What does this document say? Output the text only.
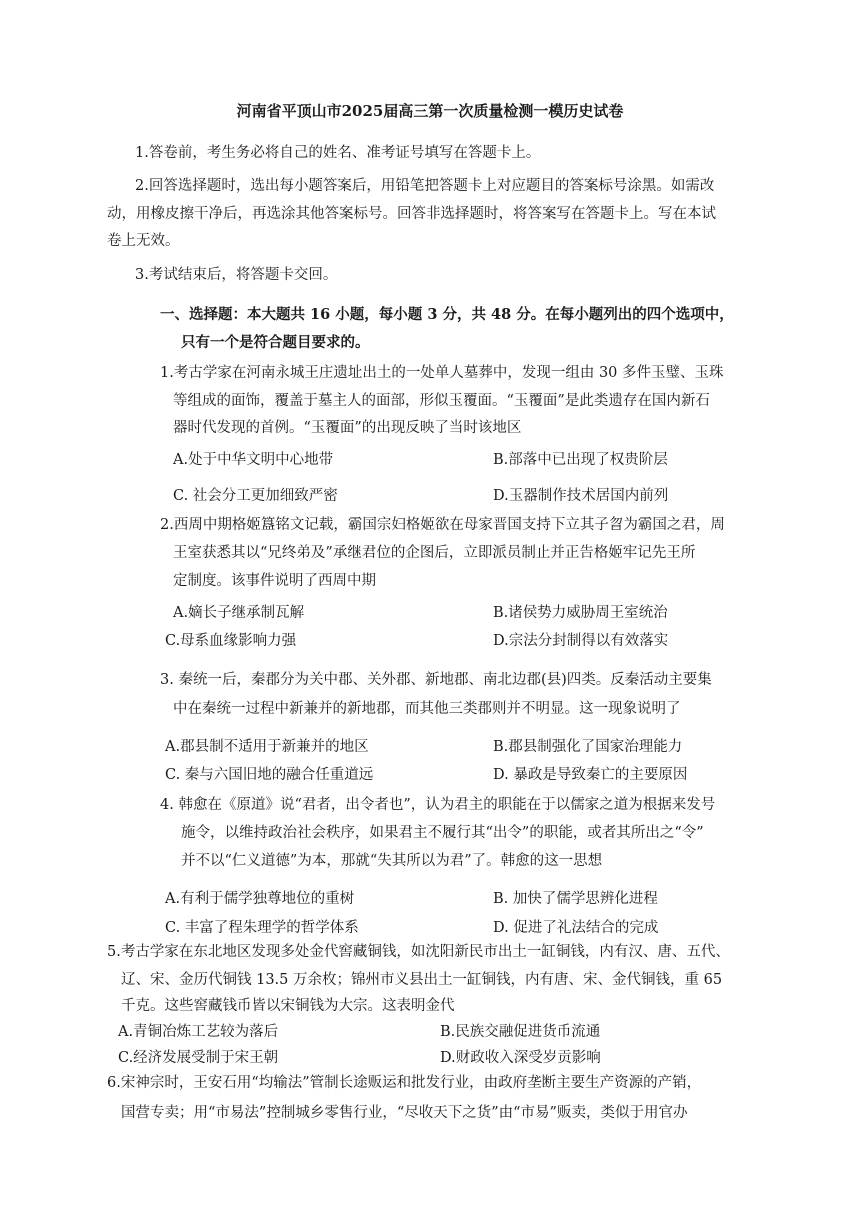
河南省平顶山市2025届高三第一次质量检测一模历史试卷
1.答卷前，考生务必将自己的姓名、准考证号填写在答题卡上。
2.回答选择题时，选出每小题答案后，用铅笔把答题卡上对应题目的答案标号涂黑。如需改
动，用橡皮擦干净后，再选涂其他答案标号。回答非选择题时，将答案写在答题卡上。写在本试
卷上无效。
3.考试结束后，将答题卡交回。
一、选择题：本大题共 16 小题，每小题 3 分，共 48 分。在每小题列出的四个选项中，
只有一个是符合题目要求的。
1.考古学家在河南永城王庄遗址出土的一处单人墓葬中，发现一组由 30 多件玉璧、玉珠
等组成的面饰，覆盖于墓主人的面部，形似玉覆面。“玉覆面”是此类遗存在国内新石
器时代发现的首例。“玉覆面”的出现反映了当时该地区
A.处于中华文明中心地带	B.部落中已出现了权贵阶层
C. 社会分工更加细致严密	D.玉器制作技术居国内前列
2.西周中期格姬簋铭文记载，霸国宗妇格姬欲在母家晋国支持下立其子曶为霸国之君，周
王室获悉其以“兄终弟及”承继君位的企图后，立即派员制止并正告格姬牢记先王所
定制度。该事件说明了西周中期
A.嫡长子继承制瓦解	B.诸侯势力威胁周王室统治
C.母系血缘影响力强	D.宗法分封制得以有效落实
3. 秦统一后，秦郡分为关中郡、关外郡、新地郡、南北边郡(县)四类。反秦活动主要集
中在秦统一过程中新兼并的新地郡，而其他三类郡则并不明显。这一现象说明了
A.郡县制不适用于新兼并的地区	B.郡县制强化了国家治理能力
C. 秦与六国旧地的融合任重道远	D. 暴政是导致秦亡的主要原因
4. 韩愈在《原道》说“君者，出令者也”，认为君主的职能在于以儒家之道为根据来发号
施令，以维持政治社会秩序，如果君主不履行其“出令”的职能，或者其所出之“令”
并不以“仁义道德”为本，那就“失其所以为君”了。韩愈的这一思想
A.有利于儒学独尊地位的重树	B. 加快了儒学思辨化进程
C. 丰富了程朱理学的哲学体系	D. 促进了礼法结合的完成
5.考古学家在东北地区发现多处金代窖藏铜钱，如沈阳新民市出土一缸铜钱，内有汉、唐、五代、
辽、宋、金历代铜钱 13.5 万余枚；锦州市义县出土一缸铜钱，内有唐、宋、金代铜钱，重 65
千克。这些窖藏钱币皆以宋铜钱为大宗。这表明金代
A.青铜冶炼工艺较为落后	B.民族交融促进货币流通
C.经济发展受制于宋王朝	D.财政收入深受岁贡影响
6.宋神宗时，王安石用“均输法”管制长途贩运和批发行业，由政府垄断主要生产资源的产销，
国营专卖；用“市易法”控制城乡零售行业，“尽收天下之货”由“市易”贩卖，类似于用官办
